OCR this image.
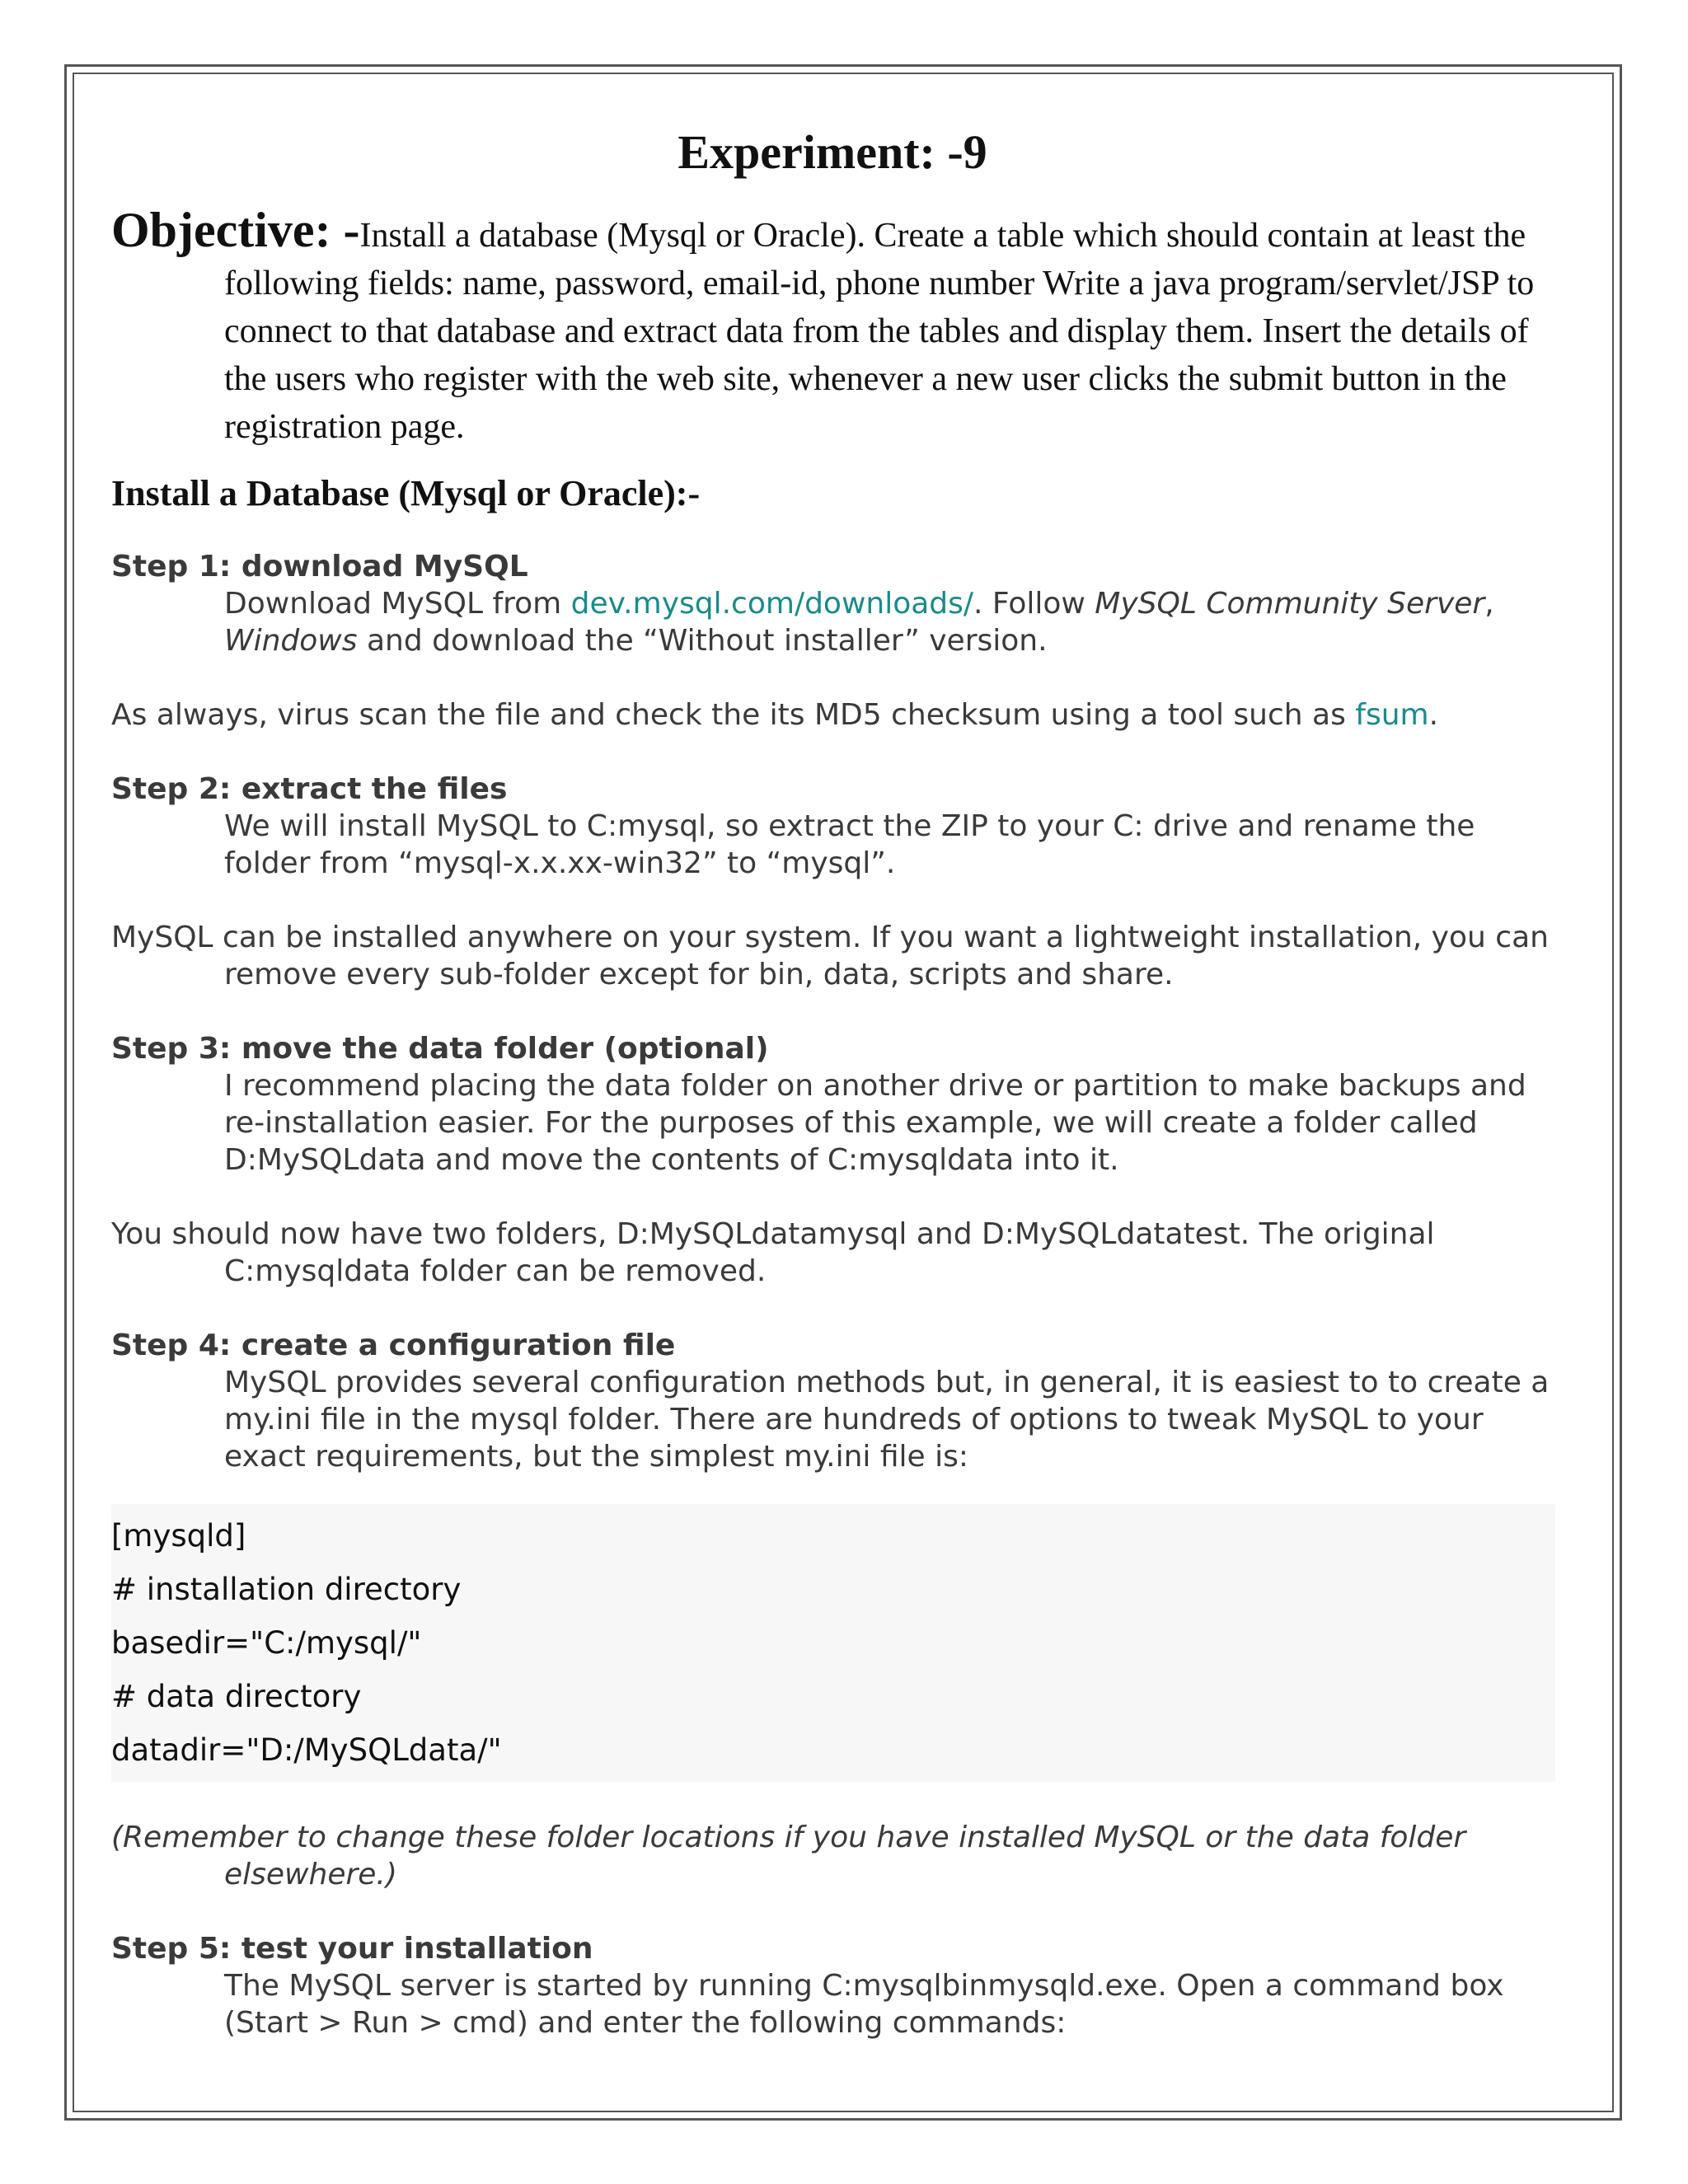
Experiment: -9
Objective: -Install a database (Mysql or Oracle). Create a table which should contain at least the following fields: name, password, email-id, phone number Write a java program/servlet/JSP to connect to that database and extract data from the tables and display them. Insert the details of the users who register with the web site, whenever a new user clicks the submit button in the registration page.
Install a Database (Mysql or Oracle):-
Step 1: download MySQL
Download MySQL from dev.mysql.com/downloads/. Follow MySQL Community Server, Windows and download the “Without installer” version.
As always, virus scan the file and check the its MD5 checksum using a tool such as fsum.
Step 2: extract the files
We will install MySQL to C:mysql, so extract the ZIP to your C: drive and rename the folder from “mysql-x.x.xx-win32” to “mysql”.
MySQL can be installed anywhere on your system. If you want a lightweight installation, you can remove every sub-folder except for bin, data, scripts and share.
Step 3: move the data folder (optional)
I recommend placing the data folder on another drive or partition to make backups and re-installation easier. For the purposes of this example, we will create a folder called D:MySQLdata and move the contents of C:mysqldata into it.
You should now have two folders, D:MySQLdatamysql and D:MySQLdatatest. The original C:mysqldata folder can be removed.
Step 4: create a configuration file
MySQL provides several configuration methods but, in general, it is easiest to to create a my.ini file in the mysql folder. There are hundreds of options to tweak MySQL to your exact requirements, but the simplest my.ini file is:
[mysqld]
# installation directory
basedir="C:/mysql/"
# data directory
datadir="D:/MySQLdata/"
(Remember to change these folder locations if you have installed MySQL or the data folder elsewhere.)
Step 5: test your installation
The MySQL server is started by running C:mysqlbinmysqld.exe. Open a command box (Start > Run > cmd) and enter the following commands:
